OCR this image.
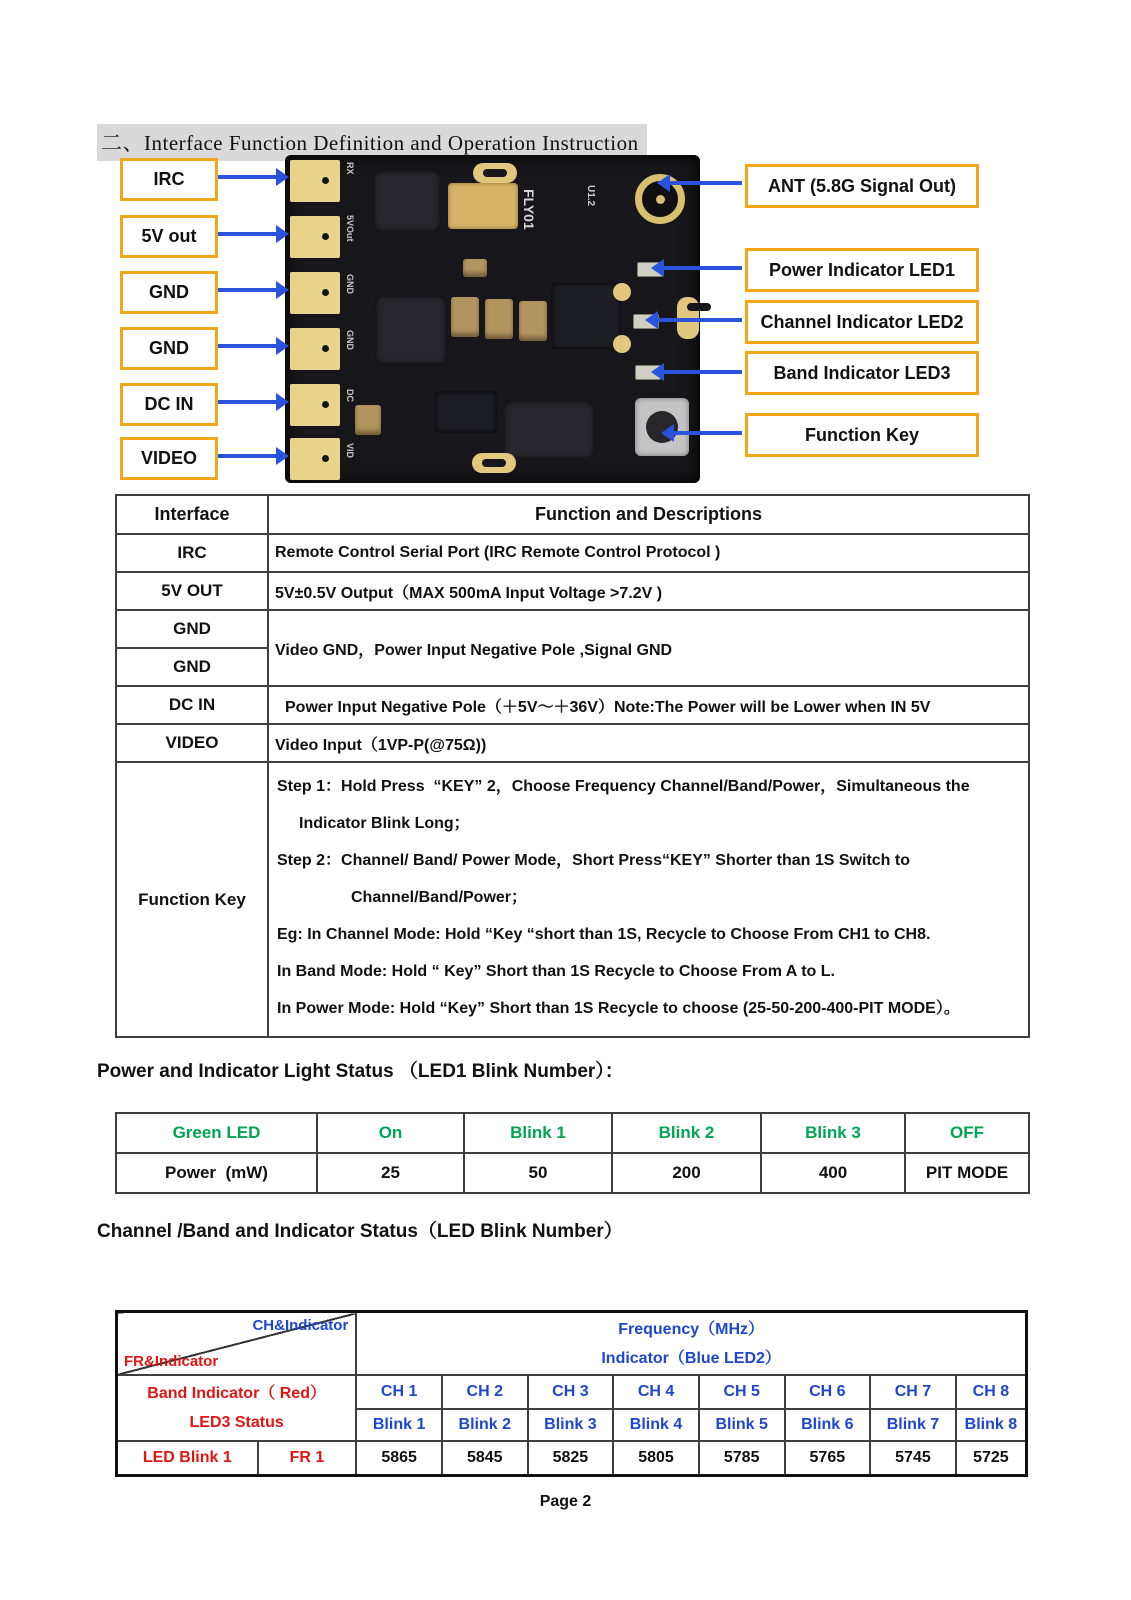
二、Interface Function Definition and Operation Instruction
RX
5VOut
GND
GND
DC
VID
FLY01	U1.2
IRC
5V out
GND
GND
DC IN
VIDEO
ANT (5.8G Signal Out)
Power Indicator LED1
Channel Indicator LED2
Band Indicator LED3
Function Key
Interface	Function and Descriptions
IRC	Remote Control Serial Port (IRC Remote Control Protocol )
5V OUT	5V±0.5V Output（MAX 500mA Input Voltage >7.2V )
GND	Video GND，Power Input Negative Pole ,Signal GND
GND	
DC IN	Power Input Negative Pole（＋5V～＋36V）Note:The Power will be Lower when IN 5V
VIDEO	Video Input（1VP-P(@75Ω))
Function Key	
Step 1：Hold Press  “KEY” 2，Choose Frequency Channel/Band/Power，Simultaneous the
Indicator Blink Long；
Step 2：Channel/ Band/ Power Mode，Short Press“KEY” Shorter than 1S Switch to
Channel/Band/Power；
Eg: In Channel Mode: Hold “Key “short than 1S, Recycle to Choose From CH1 to CH8.
In Band Mode: Hold “ Key” Short than 1S Recycle to Choose From A to L.
In Power Mode: Hold “Key” Short than 1S Recycle to choose (25-50-200-400-PIT MODE）。
Power and Indicator Light Status （LED1 Blink Number）：
Green LED	On	Blink 1	Blink 2	Blink 3	OFF
Power  (mW)	25	50	200	400	PIT MODE
Channel /Band and Indicator Status（LED Blink Number）
CH&Indicator
FR&Indicator

Frequency（MHz）
Indicator（Blue LED2）

Band Indicator（ Red）
LED3 Status		CH 1	CH 2	CH 3	CH 4	CH 5	CH 6	CH 7	CH 8
		Blink 1	Blink 2	Blink 3	Blink 4	Blink 5	Blink 6	Blink 7	Blink 8
LED Blink 1	FR 1	5865	5845	5825	5805	5785	5765	5745	5725
Page 2
